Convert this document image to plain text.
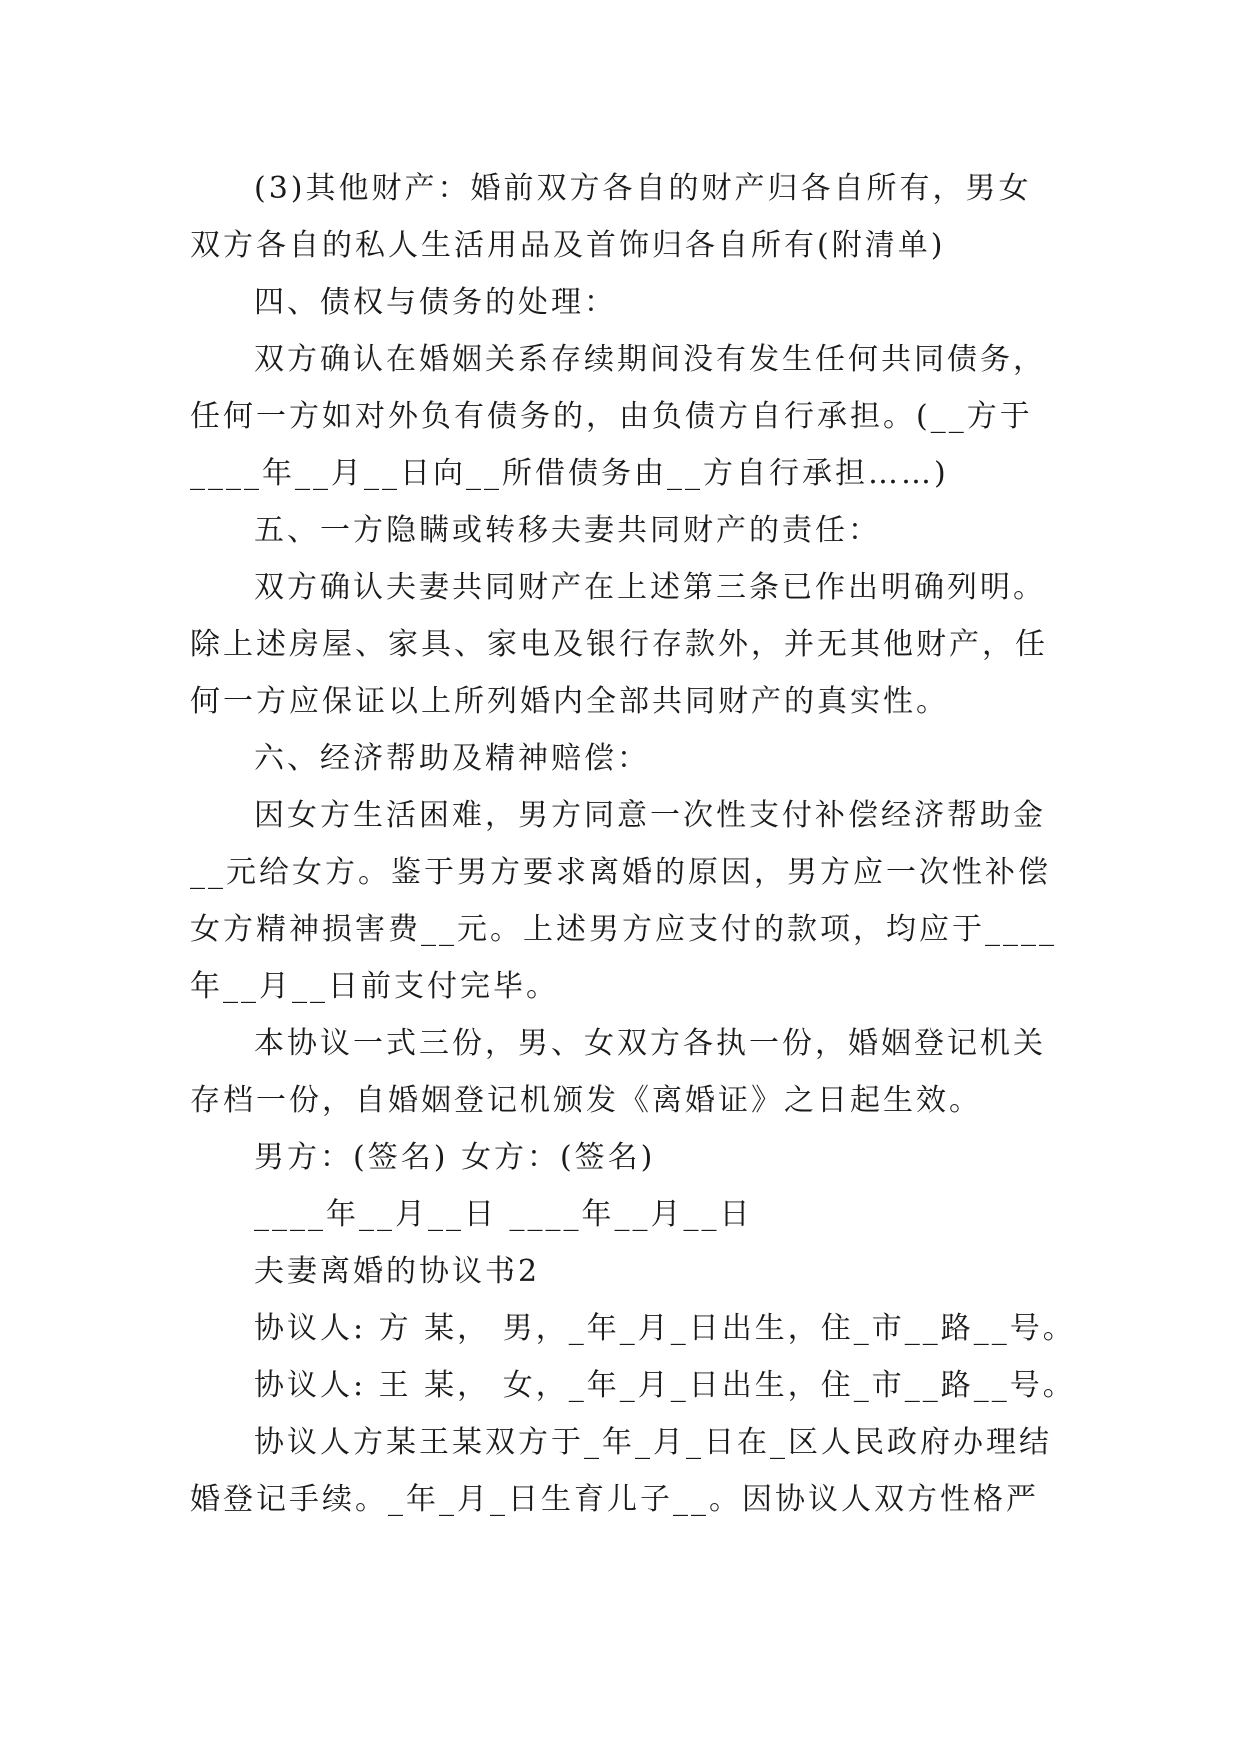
(3)其他财产：婚前双方各自的财产归各自所有，男女
双方各自的私人生活用品及首饰归各自所有(附清单)
四、债权与债务的处理：
双方确认在婚姻关系存续期间没有发生任何共同债务，
任何一方如对外负有债务的，由负债方自行承担。(__方于
____年__月__日向__所借债务由__方自行承担……)
五、一方隐瞒或转移夫妻共同财产的责任：
双方确认夫妻共同财产在上述第三条已作出明确列明。
除上述房屋、家具、家电及银行存款外，并无其他财产，任
何一方应保证以上所列婚内全部共同财产的真实性。
六、经济帮助及精神赔偿：
因女方生活困难，男方同意一次性支付补偿经济帮助金
__元给女方。鉴于男方要求离婚的原因，男方应一次性补偿
女方精神损害费__元。上述男方应支付的款项，均应于____
年__月__日前支付完毕。
本协议一式三份，男、女双方各执一份，婚姻登记机关
存档一份，自婚姻登记机颁发《离婚证》之日起生效。
男方：(签名) 女方：(签名)
____年__月__日 ____年__月__日
夫妻离婚的协议书2
协议人: 方 某， 男，_年_月_日出生，住_市__路__号。
协议人: 王 某， 女，_年_月_日出生，住_市__路__号。
协议人方某王某双方于_年_月_日在_区人民政府办理结
婚登记手续。_年_月_日生育儿子__。因协议人双方性格严
